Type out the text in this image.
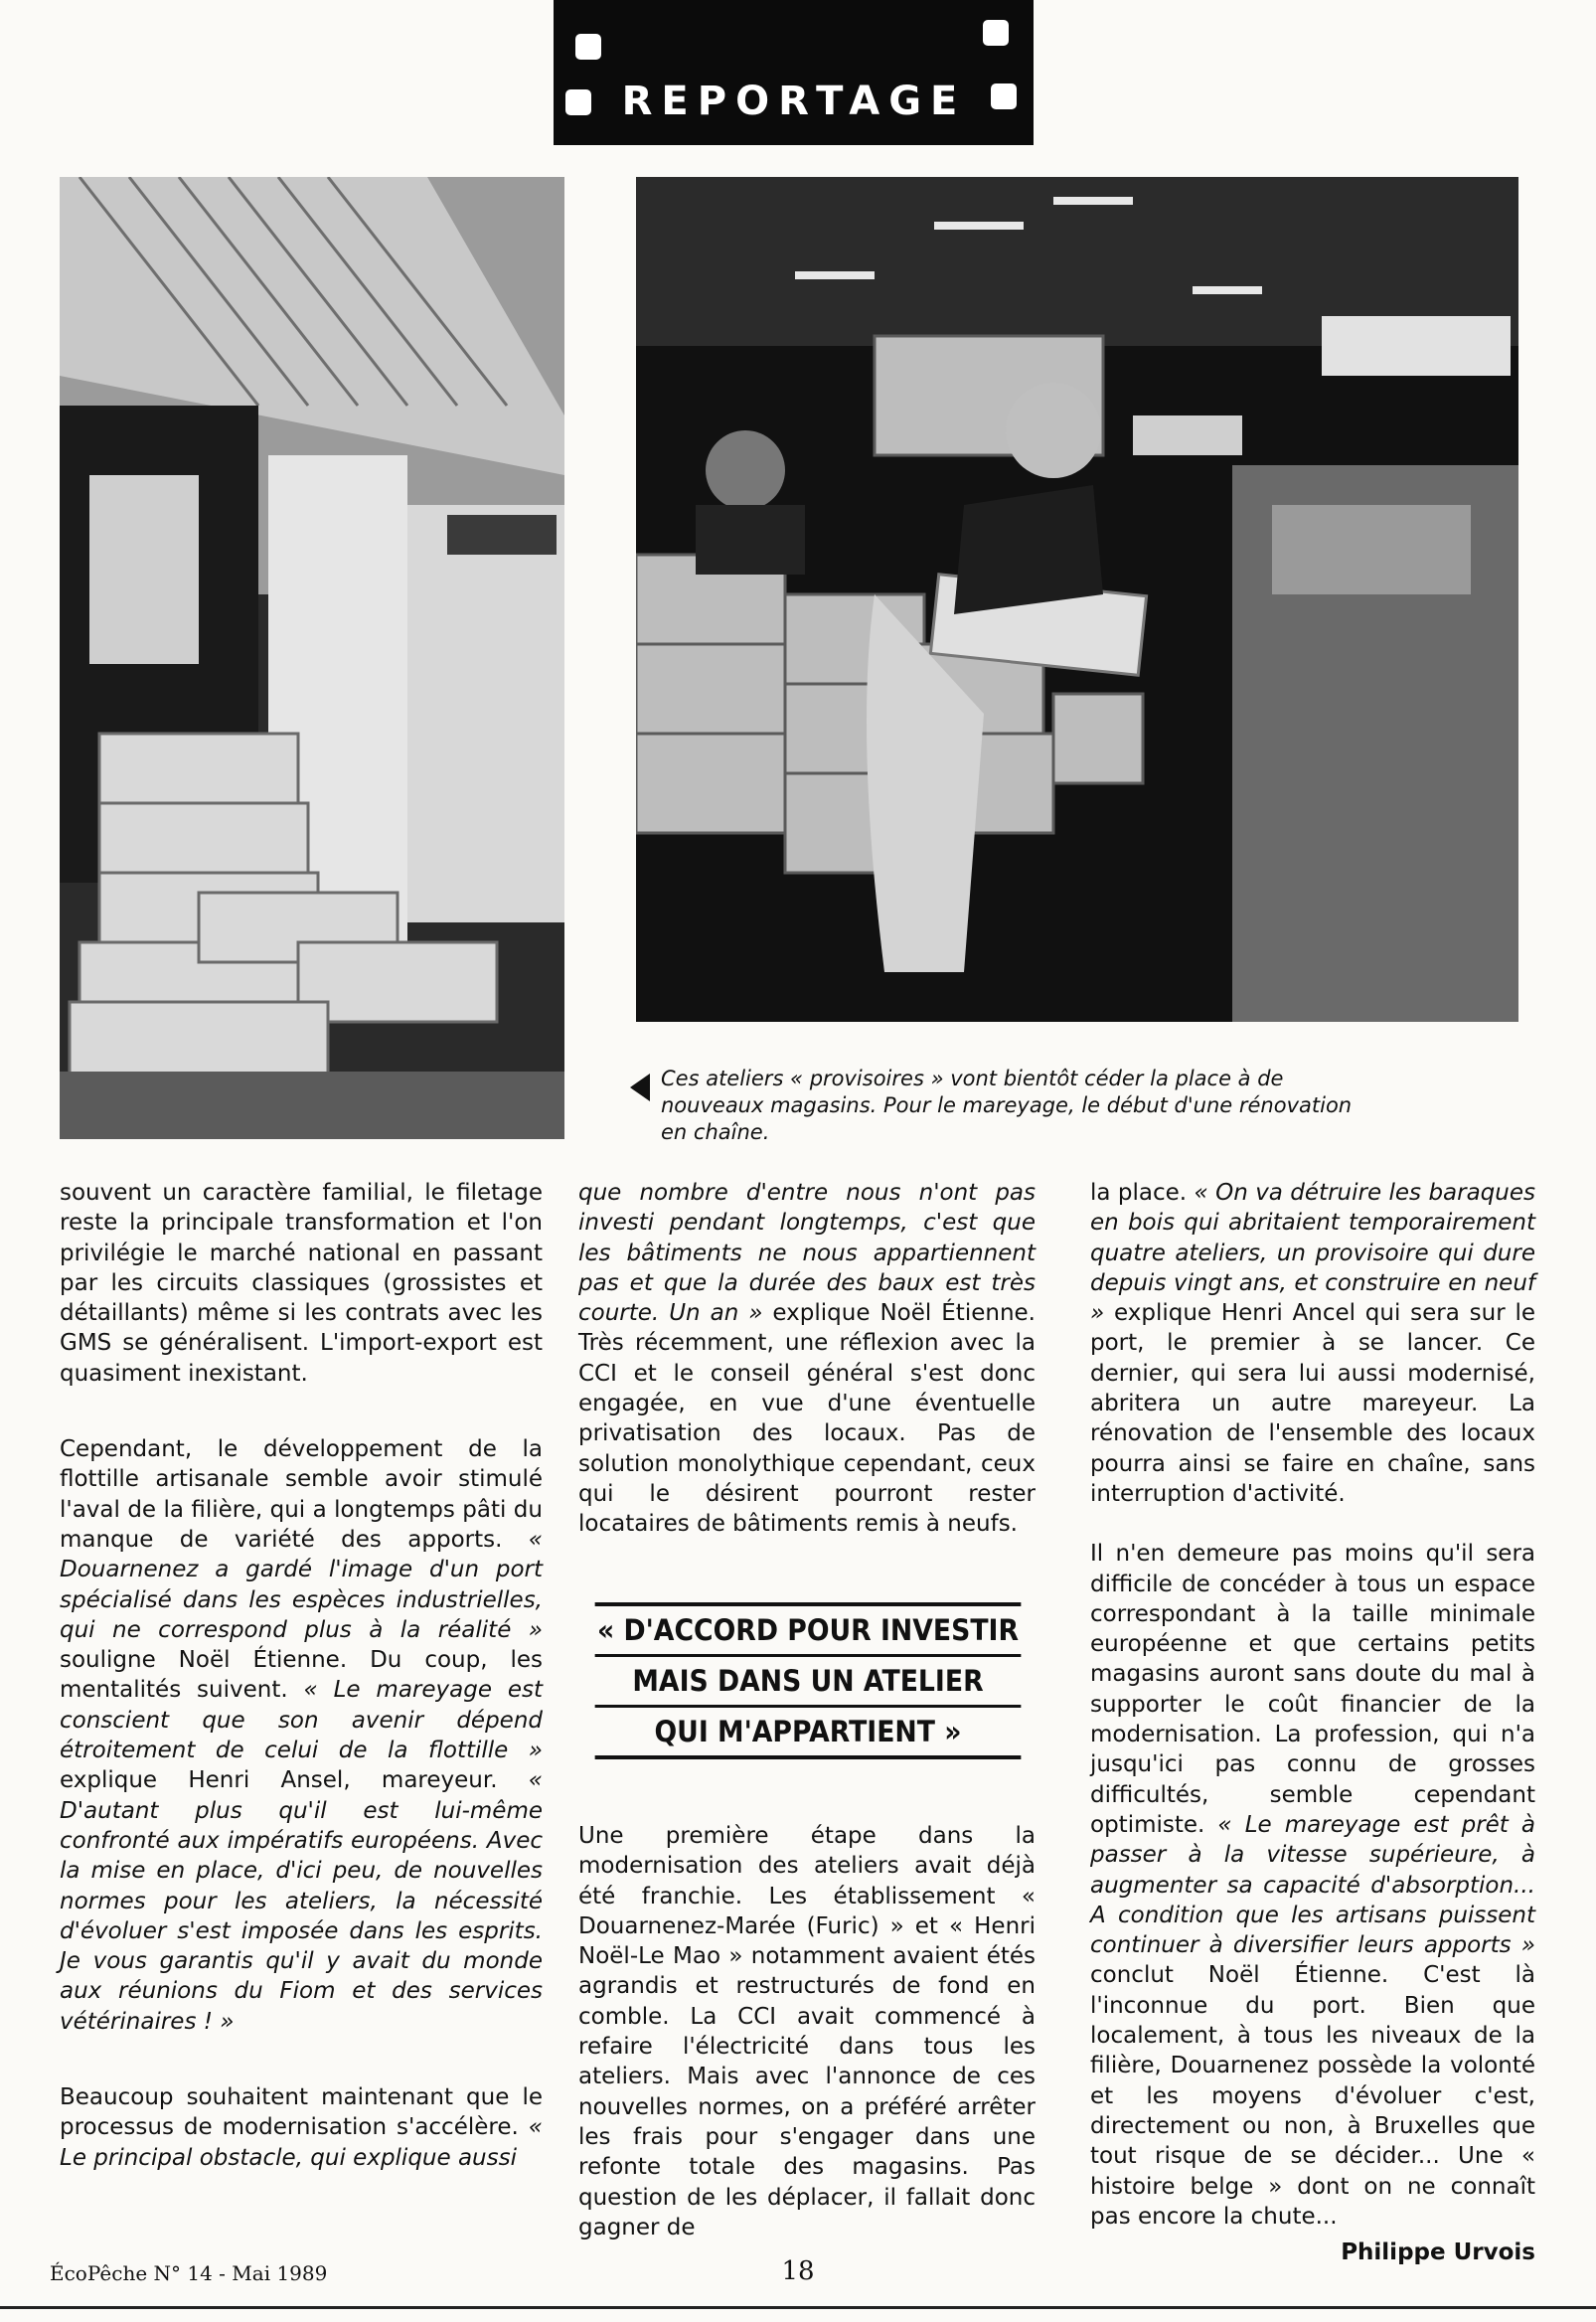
REPORTAGE
Ces ateliers « provisoires » vont bientôt céder la place à de nouveaux magasins. Pour le mareyage, le début d'une rénovation en chaîne.

souvent un caractère familial, le filetage reste la principale transformation et l'on privilégie le marché national en passant par les circuits classiques (grossistes et détaillants) même si les contrats avec les GMS se généralisent. L'import-export est quasiment inexistant.

Cependant, le développement de la flottille artisanale semble avoir stimulé l'aval de la filière, qui a longtemps pâti du manque de variété des apports. « Douarnenez a gardé l'image d'un port spécialisé dans les espèces industrielles, qui ne correspond plus à la réalité » souligne Noël Étienne. Du coup, les mentalités suivent. « Le mareyage est conscient que son avenir dépend étroitement de celui de la flottille » explique Henri Ansel, mareyeur. « D'autant plus qu'il est lui-même confronté aux impératifs européens. Avec la mise en place, d'ici peu, de nouvelles normes pour les ateliers, la nécessité d'évoluer s'est imposée dans les esprits. Je vous garantis qu'il y avait du monde aux réunions du Fiom et des services vétérinaires ! »

Beaucoup souhaitent maintenant que le processus de modernisation s'accélère. « Le principal obstacle, qui explique aussi

que nombre d'entre nous n'ont pas investi pendant longtemps, c'est que les bâtiments ne nous appartiennent pas et que la durée des baux est très courte. Un an » explique Noël Étienne. Très récemment, une réflexion avec la CCI et le conseil général s'est donc engagée, en vue d'une éventuelle privatisation des locaux. Pas de solution monolythique cependant, ceux qui le désirent pourront rester locataires de bâtiments remis à neufs.

« D'ACCORD POUR INVESTIR
MAIS DANS UN ATELIER
QUI M'APPARTIENT »

Une première étape dans la modernisation des ateliers avait déjà été franchie. Les établissement « Douarnenez-Marée (Furic) » et « Henri Noël-Le Mao » notamment avaient étés agrandis et restructurés de fond en comble. La CCI avait commencé à refaire l'électricité dans tous les ateliers. Mais avec l'annonce de ces nouvelles normes, on a préféré arrêter les frais pour s'engager dans une refonte totale des magasins. Pas question de les déplacer, il fallait donc gagner de

la place. « On va détruire les baraques en bois qui abritaient temporairement quatre ateliers, un provisoire qui dure depuis vingt ans, et construire en neuf » explique Henri Ancel qui sera sur le port, le premier à se lancer. Ce dernier, qui sera lui aussi modernisé, abritera un autre mareyeur. La rénovation de l'ensemble des locaux pourra ainsi se faire en chaîne, sans interruption d'activité.

Il n'en demeure pas moins qu'il sera difficile de concéder à tous un espace correspondant à la taille minimale européenne et que certains petits magasins auront sans doute du mal à supporter le coût financier de la modernisation. La profession, qui n'a jusqu'ici pas connu de grosses difficultés, semble cependant optimiste. « Le mareyage est prêt à passer à la vitesse supérieure, à augmenter sa capacité d'absorption... A condition que les artisans puissent continuer à diversifier leurs apports » conclut Noël Étienne. C'est là l'inconnue du port. Bien que localement, à tous les niveaux de la filière, Douarnenez possède la volonté et les moyens d'évoluer c'est, directement ou non, à Bruxelles que tout risque de se décider... Une « histoire belge » dont on ne connaît pas encore la chute...

Philippe Urvois
ÉcoPêche N° 14 - Mai 1989	18
